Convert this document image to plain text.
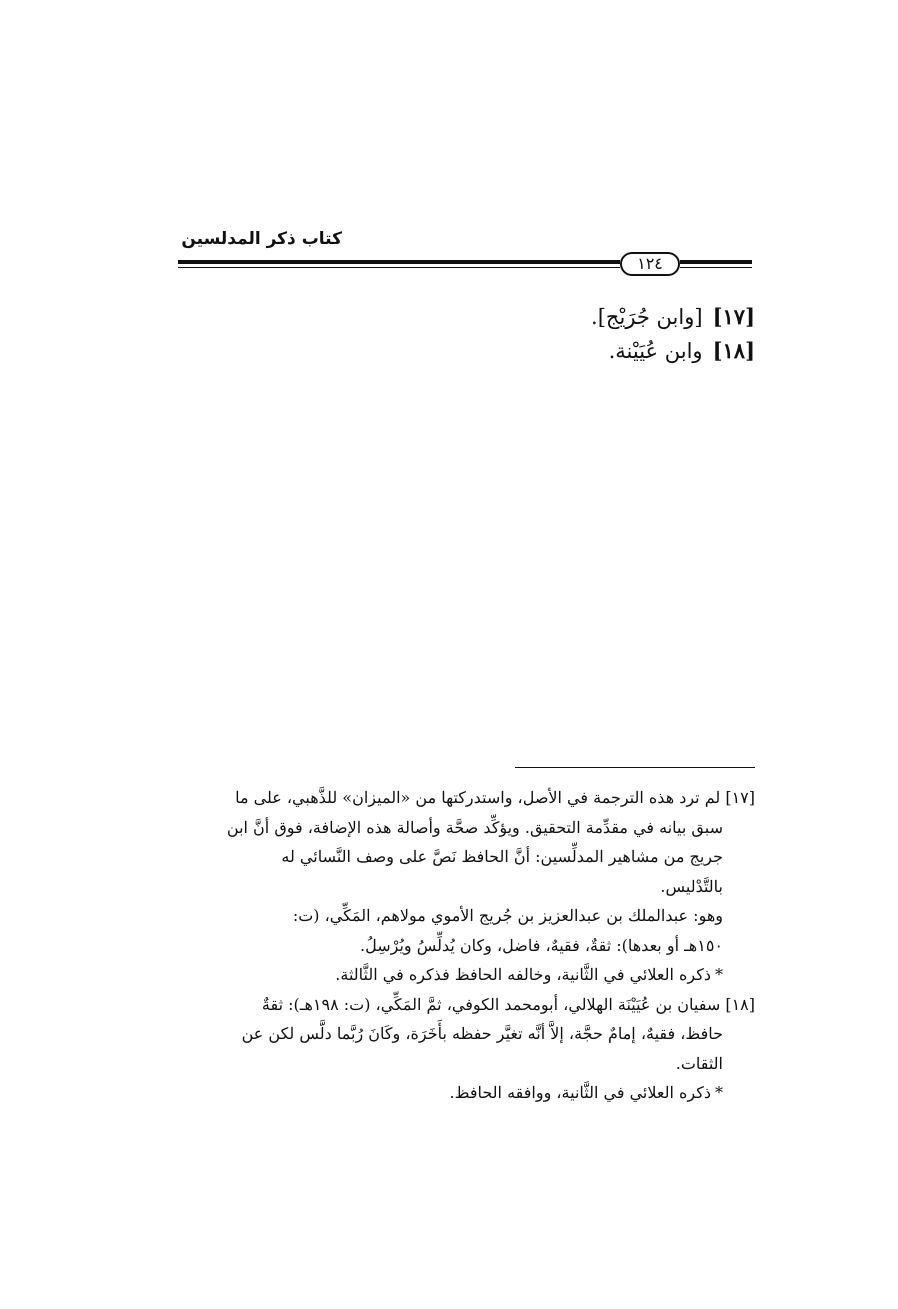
كتاب ذكر المدلسين
١٢٤
[١٧][وابن جُرَيْج].
[١٨]وابن عُيَيْنة.
[١٧] لم ترد هذه الترجمة في الأصل، واستدركتها من «الميزان» للذَّهبي، على ما
سبق بيانه في مقدِّمة التحقيق. ويؤكِّد صحَّة وأصالة هذه الإضافة، فوق أنَّ ابن
جريج من مشاهير المدلِّسين: أنَّ الحافظ نَصَّ على وصف النَّسائي له
بالتَّدْليس.
وهو: عبدالملك بن عبدالعزيز بن جُريج الأموي مولاهم، المَكِّي، (ت:
١٥٠هـ أو بعدها): ثقةٌ، فقيهٌ، فاضل، وكان يُدلِّسُ ويُرْسِلُ.
*ذكره العلائي في الثَّانية، وخالفه الحافظ فذكره في الثَّالثة.
[١٨] سفيان بن عُيَيْنَة الهلالي، أبومحمد الكوفي، ثمَّ المَكِّي، (ت: ١٩٨هـ): ثقةٌ
حافظ، فقيهٌ، إمامٌ حجَّة، إلاَّ أنَّه تغيَّر حفظه بأَخَرَة، وكَانَ رُبَّما دلَّس لكن عن
الثقات.
*ذكره العلائي في الثَّانية، ووافقه الحافظ.
